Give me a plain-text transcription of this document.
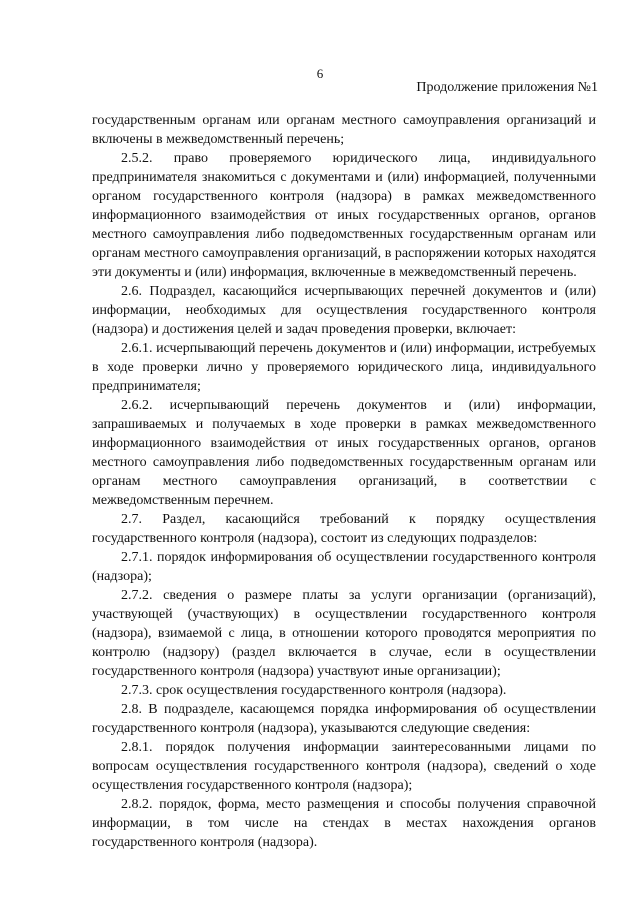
6
Продолжение приложения №1

государственным органам или органам местного самоуправления организаций и включены в межведомственный перечень;

2.5.2. право проверяемого юридического лица, индивидуального предпринимателя знакомиться с документами и (или) информацией, полученными органом государственного контроля (надзора) в рамках межведомственного информационного взаимодействия от иных государственных органов, органов местного самоуправления либо подведомственных государственным органам или органам местного самоуправления организаций, в распоряжении которых находятся эти документы и (или) информация, включенные в межведомственный перечень.

2.6. Подраздел, касающийся исчерпывающих перечней документов и (или) информации, необходимых для осуществления государственного контроля (надзора) и достижения целей и задач проведения проверки, включает:

2.6.1. исчерпывающий перечень документов и (или) информации, истребуемых в ходе проверки лично у проверяемого юридического лица, индивидуального предпринимателя;

2.6.2. исчерпывающий перечень документов и (или) информации, запрашиваемых и получаемых в ходе проверки в рамках межведомственного информационного взаимодействия от иных государственных органов, органов местного самоуправления либо подведомственных государственным органам или органам местного самоуправления организаций, в соответствии с межведомственным перечнем.

2.7. Раздел, касающийся требований к порядку осуществления государственного контроля (надзора), состоит из следующих подразделов:

2.7.1. порядок информирования об осуществлении государственного контроля (надзора);

2.7.2. сведения о размере платы за услуги организации (организаций), участвующей (участвующих) в осуществлении государственного контроля (надзора), взимаемой с лица, в отношении которого проводятся мероприятия по контролю (надзору) (раздел включается в случае, если в осуществлении государственного контроля (надзора) участвуют иные организации);

2.7.3. срок осуществления государственного контроля (надзора).

2.8. В подразделе, касающемся порядка информирования об осуществлении государственного контроля (надзора), указываются следующие сведения:

2.8.1. порядок получения информации заинтересованными лицами по вопросам осуществления государственного контроля (надзора), сведений о ходе осуществления государственного контроля (надзора);

2.8.2. порядок, форма, место размещения и способы получения справочной информации, в том числе на стендах в местах нахождения органов государственного контроля (надзора).
